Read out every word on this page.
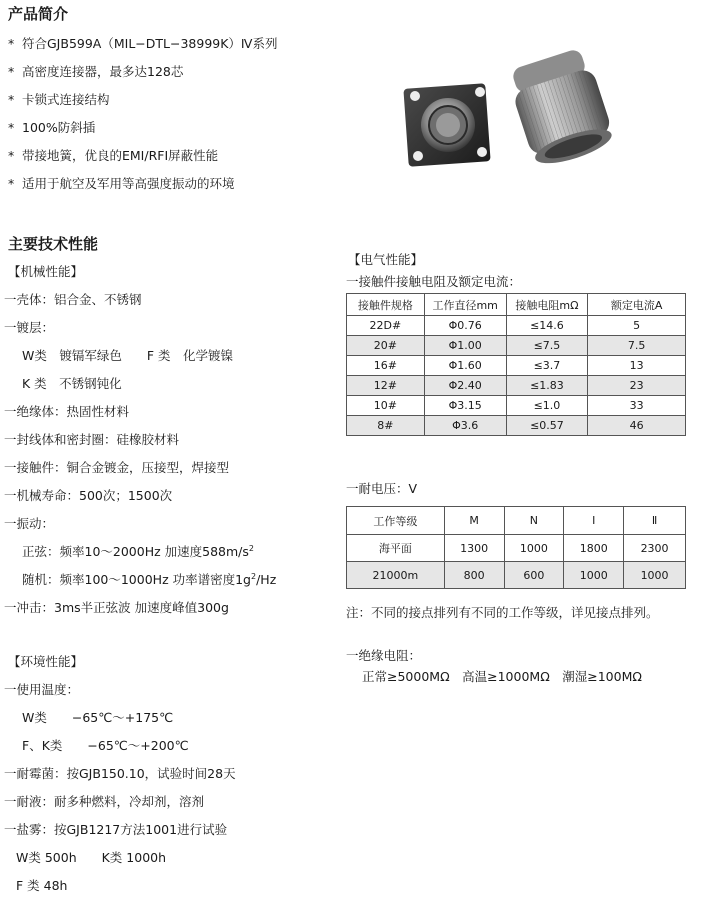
产品简介
* 符合GJB599A（MIL−DTL−38999K）Ⅳ系列
* 高密度连接器，最多达128芯
* 卡锁式连接结构
* 100%防斜插
* 带接地簧，优良的EMI/RFI屏蔽性能
* 适用于航空及军用等高强度振动的环境
主要技术性能
【机械性能】
一壳体：铝合金、不锈钢
一镀层：
W类　镀镉军绿色　　F 类　化学镀镍
K 类　不锈钢钝化
一绝缘体：热固性材料
一封线体和密封圈：硅橡胶材料
一接触件：铜合金镀金，压接型，焊接型
一机械寿命：500次；1500次
一振动：
正弦：频率10～2000Hz 加速度$588m/s^2$
随机：频率100～1000Hz 功率谱密度$1g^2/Hz$
一冲击：3ms半正弦波 加速度峰值300g
【环境性能】
一使用温度：
W类　　−65℃～+175℃
F、K类　　−65℃～+200℃
一耐霉菌：按GJB150.10，试验时间28天
一耐液：耐多种燃料，冷却剂，溶剂
一盐雾：按GJB1217方法1001进行试验
W类 500h　　K类 1000h
F 类 48h
【电气性能】
一接触件接触电阻及额定电流：
接触件规格	工作直径mm	接触电阻mΩ	额定电流A
22D#	Φ0.76	≤14.6	5
20#	Φ1.00	≤7.5	7.5
16#	Φ1.60	≤3.7	13
12#	Φ2.40	≤1.83	23
10#	Φ3.15	≤1.0	33
8#	Φ3.6	≤0.57	46
一耐电压：V
工作等级	M	N	Ⅰ	Ⅱ
海平面	1300	1000	1800	2300
21000m	800	600	1000	1000
注：不同的接点排列有不同的工作等级，详见接点排列。
一绝缘电阻：
正常≥5000MΩ　高温≥1000MΩ　潮湿≥100MΩ
